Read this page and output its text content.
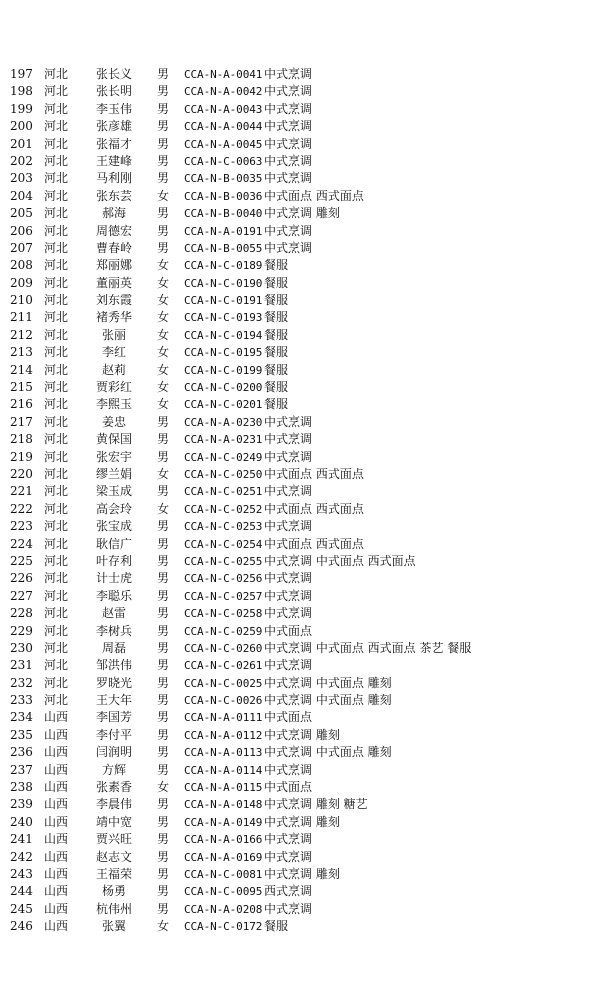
197 河北 张长义 男 CCA-N-A-0041 中式烹调
198 河北 张长明 男 CCA-N-A-0042 中式烹调
199 河北 李玉伟 男 CCA-N-A-0043 中式烹调
200 河北 张彦雄 男 CCA-N-A-0044 中式烹调
201 河北 张福才 男 CCA-N-A-0045 中式烹调
202 河北 王建峰 男 CCA-N-C-0063 中式烹调
203 河北 马利刚 男 CCA-N-B-0035 中式烹调
204 河北 张东芸 女 CCA-N-B-0036 中式面点 西式面点
205 河北	郝海	男 CCA-N-B-0040 中式烹调 雕刻
206 河北 周德宏 男 CCA-N-A-0191 中式烹调
207 河北 曹春岭 男 CCA-N-B-0055 中式烹调
208 河北 郑丽娜 女 CCA-N-C-0189 餐服
209 河北 董丽英 女 CCA-N-C-0190 餐服
210 河北 刘东霞 女 CCA-N-C-0191 餐服
211 河北 褚秀华 女 CCA-N-C-0193 餐服
212 河北	张丽	女 CCA-N-C-0194 餐服
213 河北	李红	女 CCA-N-C-0195 餐服
214 河北	赵莉	女 CCA-N-C-0199 餐服
215 河北 贾彩红 女 CCA-N-C-0200 餐服
216 河北 李熙玉 女 CCA-N-C-0201 餐服
217 河北	姜忠	男 CCA-N-A-0230 中式烹调
218 河北 黄保国 男 CCA-N-A-0231 中式烹调
219 河北 张宏宇 男 CCA-N-C-0249 中式烹调
220 河北 缪兰娟 女 CCA-N-C-0250 中式面点 西式面点
221 河北 梁玉成 男 CCA-N-C-0251 中式烹调
222 河北 高会玲 女 CCA-N-C-0252 中式面点 西式面点
223 河北 张宝成 男 CCA-N-C-0253 中式烹调
224 河北 耿信广 男 CCA-N-C-0254 中式面点 西式面点
225 河北 叶存利 男 CCA-N-C-0255 中式烹调 中式面点 西式面点
226 河北 计士虎 男 CCA-N-C-0256 中式烹调
227 河北 李聪乐 男 CCA-N-C-0257 中式烹调
228 河北	赵雷	男 CCA-N-C-0258 中式烹调
229 河北 李树兵 男 CCA-N-C-0259 中式面点
230 河北	周磊	男 CCA-N-C-0260 中式烹调 中式面点 西式面点 茶艺 餐服
231 河北 邹洪伟 男 CCA-N-C-0261 中式烹调
232 河北 罗晓光 男 CCA-N-C-0025 中式烹调 中式面点 雕刻
233 河北 王大年 男 CCA-N-C-0026 中式烹调 中式面点 雕刻
234 山西 李国芳 男 CCA-N-A-0111 中式面点
235 山西 李付平 男 CCA-N-A-0112 中式烹调 雕刻
236 山西 闫润明 男 CCA-N-A-0113 中式烹调 中式面点 雕刻
237 山西	方辉	男 CCA-N-A-0114 中式烹调
238 山西 张素香 女 CCA-N-A-0115 中式面点
239 山西 李晨伟 男 CCA-N-A-0148 中式烹调 雕刻 糖艺
240 山西 靖中宽 男 CCA-N-A-0149 中式烹调 雕刻
241 山西 贾兴旺 男 CCA-N-A-0166 中式烹调
242 山西 赵志文 男 CCA-N-A-0169 中式烹调
243 山西 王福荣 男 CCA-N-C-0081 中式烹调 雕刻
244 山西	杨勇	男 CCA-N-C-0095 西式烹调
245 山西 杭伟州 男 CCA-N-A-0208 中式烹调
246 山西	张翼	女 CCA-N-C-0172 餐服
